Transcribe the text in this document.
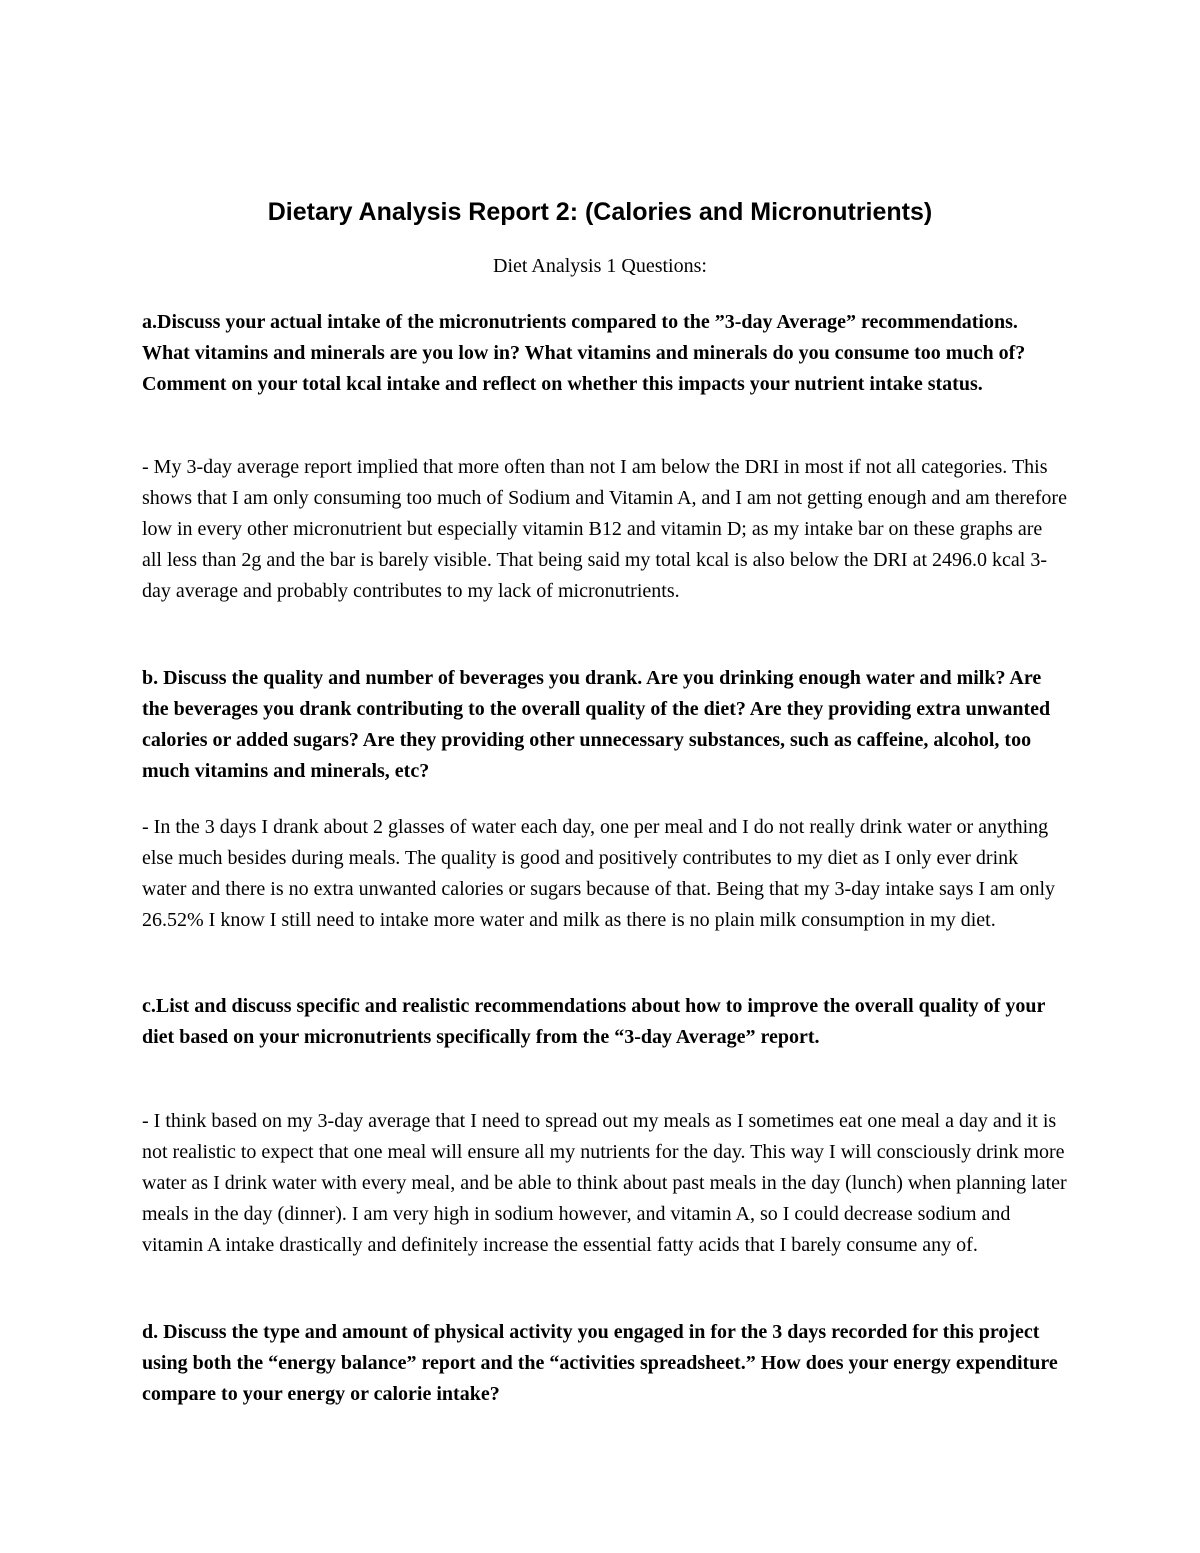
Dietary Analysis Report 2: (Calories and Micronutrients)

Diet Analysis 1 Questions:

a.Discuss your actual intake of the micronutrients compared to the ”3-day Average” recommendations. What vitamins and minerals are you low in? What vitamins and minerals do you consume too much of? Comment on your total kcal intake and reflect on whether this impacts your nutrient intake status.

- My 3-day average report implied that more often than not I am below the DRI in most if not all categories. This shows that I am only consuming too much of Sodium and Vitamin A, and I am not getting enough and am therefore low in every other micronutrient but especially vitamin B12 and vitamin D; as my intake bar on these graphs are all less than 2g and the bar is barely visible. That being said my total kcal is also below the DRI at 2496.0 kcal 3-day average and probably contributes to my lack of micronutrients.

b. Discuss the quality and number of beverages you drank. Are you drinking enough water and milk? Are the beverages you drank contributing to the overall quality of the diet? Are they providing extra unwanted calories or added sugars? Are they providing other unnecessary substances, such as caffeine, alcohol, too much vitamins and minerals, etc?

- In the 3 days I drank about 2 glasses of water each day, one per meal and I do not really drink water or anything else much besides during meals. The quality is good and positively contributes to my diet as I only ever drink water and there is no extra unwanted calories or sugars because of that. Being that my 3-day intake says I am only 26.52% I know I still need to intake more water and milk as there is no plain milk consumption in my diet.

c.List and discuss specific and realistic recommendations about how to improve the overall quality of your diet based on your micronutrients specifically from the “3-day Average” report.

- I think based on my 3-day average that I need to spread out my meals as I sometimes eat one meal a day and it is not realistic to expect that one meal will ensure all my nutrients for the day. This way I will consciously drink more water as I drink water with every meal, and be able to think about past meals in the day (lunch) when planning later meals in the day (dinner). I am very high in sodium however, and vitamin A, so I could decrease sodium and vitamin A intake drastically and definitely increase the essential fatty acids that I barely consume any of.

d. Discuss the type and amount of physical activity you engaged in for the 3 days recorded for this project using both the “energy balance” report and the “activities spreadsheet.” How does your energy expenditure compare to your energy or calorie intake?
